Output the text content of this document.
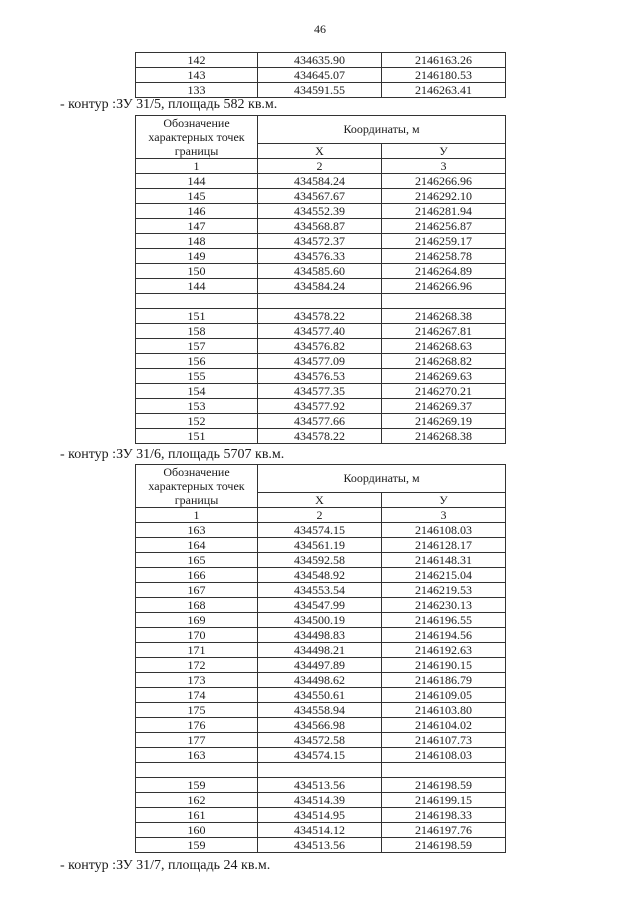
46
142	434635.90	2146163.26
143	434645.07	2146180.53
133	434591.55	2146263.41
- контур :ЗУ 31/5, площадь 582 кв.м.
Обозначение характерных точек границы	Координаты, м	
	X	У
1	2	3
144	434584.24	2146266.96
145	434567.67	2146292.10
146	434552.39	2146281.94
147	434568.87	2146256.87
148	434572.37	2146259.17
149	434576.33	2146258.78
150	434585.60	2146264.89
144	434584.24	2146266.96

151	434578.22	2146268.38
158	434577.40	2146267.81
157	434576.82	2146268.63
156	434577.09	2146268.82
155	434576.53	2146269.63
154	434577.35	2146270.21
153	434577.92	2146269.37
152	434577.66	2146269.19
151	434578.22	2146268.38
- контур :ЗУ 31/6, площадь 5707 кв.м.
Обозначение характерных точек границы	Координаты, м	
	X	У
1	2	3
163	434574.15	2146108.03
164	434561.19	2146128.17
165	434592.58	2146148.31
166	434548.92	2146215.04
167	434553.54	2146219.53
168	434547.99	2146230.13
169	434500.19	2146196.55
170	434498.83	2146194.56
171	434498.21	2146192.63
172	434497.89	2146190.15
173	434498.62	2146186.79
174	434550.61	2146109.05
175	434558.94	2146103.80
176	434566.98	2146104.02
177	434572.58	2146107.73
163	434574.15	2146108.03

159	434513.56	2146198.59
162	434514.39	2146199.15
161	434514.95	2146198.33
160	434514.12	2146197.76
159	434513.56	2146198.59
- контур :ЗУ 31/7, площадь 24 кв.м.
